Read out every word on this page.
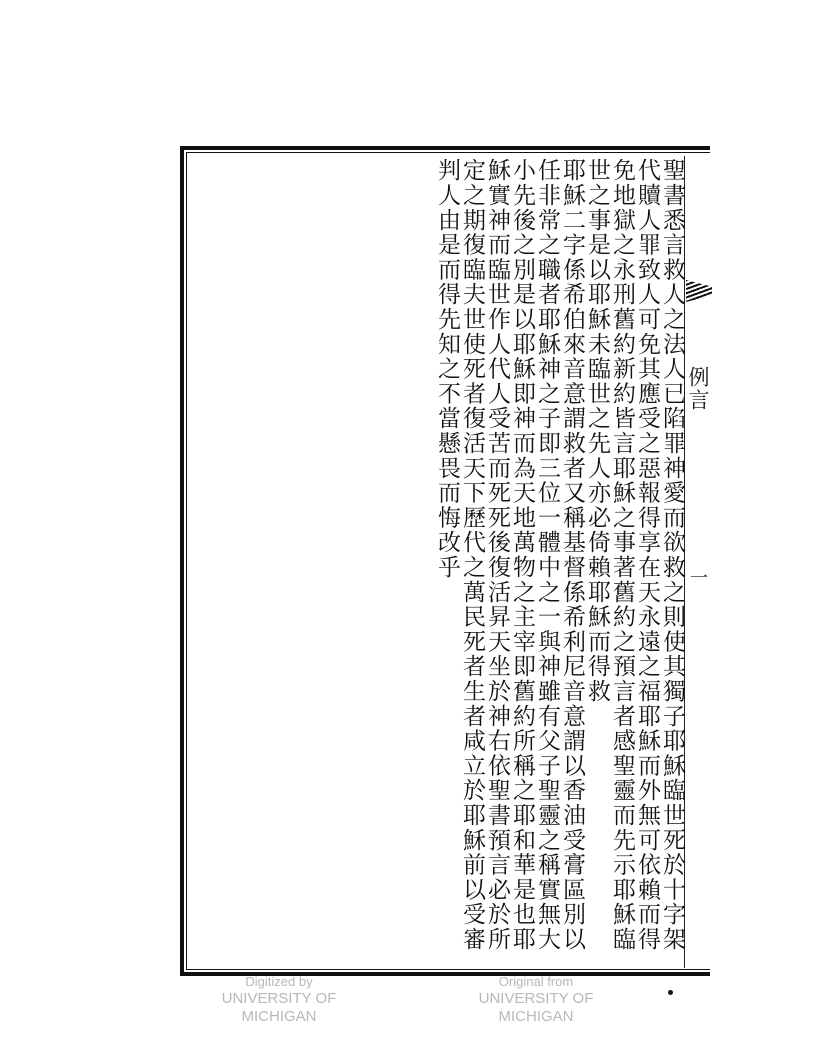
例言
一

聖書悉言救人之法人已陷罪神愛而欲救之則使其獨子耶穌臨世死於十字架代贖人罪致人可免其應受之惡報得享在天永遠之福耶穌而外無可依賴而得免地獄之永刑舊約新約皆言耶穌之事著舊約之預言者感聖靈而先示耶穌臨世之事是以耶穌未臨世之先人亦必倚賴耶穌而得救

耶穌二字係希伯來音意謂救者又稱基督係希利尼音意謂以香油受膏區別以任非常之職者耶穌神之子即三位一體中之一與神雖有父子聖靈之稱實無大小先後之別是以耶穌即神而為天地萬物之主宰即舊約所稱之耶和華是也耶穌實神而臨世作人代人受苦而死死後復活昇天坐於神右依聖書預言必於所定之期復臨夫世使死者復活天下歷代之萬民死者生者咸立於耶穌前以受審判人由是而得先知之不當懸畏而悔改乎

Digitized by
UNIVERSITY OF MICHIGAN
Original from
UNIVERSITY OF MICHIGAN
